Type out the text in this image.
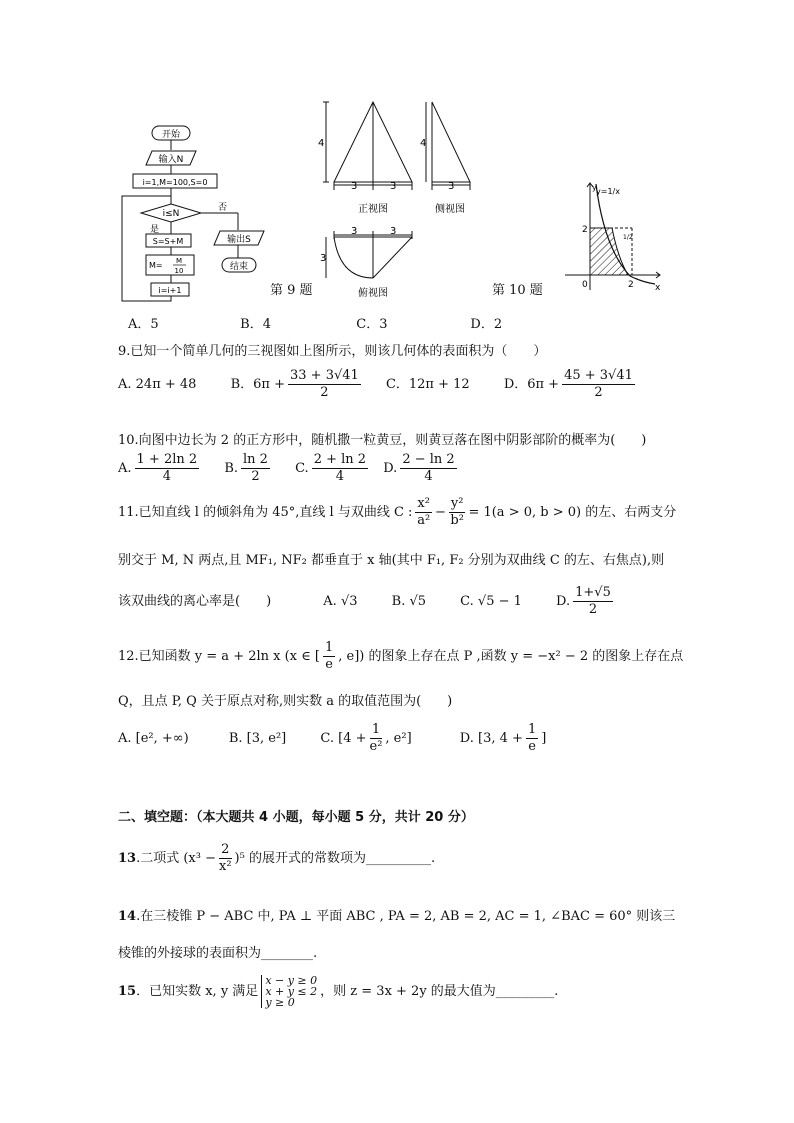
开始
输入N
i=1,M=100,S=0
i≤N
否
是
S=S+M
M= M
10
i=i+1
输出S
结束
4
3	3
4
3
3	3
3
正视图	侧视图
俯视图
第 9 题
y=1/x
y
2
1/2
0	2 x
第 10 题
A．5	B．4	C．3	D．2
9.已知一个简单几何的三视图如上图所示，则该几何体的表面积为（　　）
A. 24π + 48	B．$6\pi + \frac{33 + 3√41}{2}$ C．12π + 12	D．$6\pi + \frac{45 + 3√41}{2}$
10.向图中边长为 2 的正方形中，随机撒一粒黄豆，则黄豆落在图中阴影部阶的概率为(　　)
A. $\frac{1 + 2\ln 2}{4} B$. $\frac{\ln 2}{2} C$. $\frac{2 + \ln 2}{4} D$. $\frac{2 - \ln 2}{4}$
11.已知直线 l 的倾斜角为 45°,直线 l 与双曲线 C : $\frac{\text{x²}}{\text{a²}} - \frac{\text{y²}}{\text{b²}} = 1(a > 0$, b > 0) 的左、右两支分
别交于 M, N 两点,且 MF₁, NF₂ 都垂直于 x 轴(其中 F₁, F₂ 分别为双曲线 C 的左、右焦点),则
该双曲线的离心率是(　　)	A. √3	B. √5	C. √5 − 1	D. $\frac{1+√5}{2}$
12.已知函数 y = a + 2ln x (x ∈ [ $\frac{1}{e}$ , e]) 的图象上存在点 P ,函数 y = −x² − 2 的图象上存在点
Q，且点 P, Q 关于原点对称,则实数 a 的取值范围为(　　)
A. [e², +∞)	B. [3, e²]	C. [$4 + \frac{1}{\text{e²}}$ , e²]	D. [3, $4 + \frac{1}{e}$ ]
二、填空题：（本大题共 4 小题，每小题 5 分，共计 20 分）
13.二项式 $(x^3 - \frac{2}{\text{x²}} )^5$ 的展开式的常数项为__________.
14.在三棱锥 P − ABC 中, PA ⊥ 平面 ABC , PA = 2, AB = 2, AC = 1, ∠BAC = 60° 则该三
棱锥的外接球的表面积为________.
15．已知实数 x, y 满足
x − y ≥ 0
x + y ≤ 2
y ≥ 0
，则 z = 3x + 2y 的最大值为_________.
